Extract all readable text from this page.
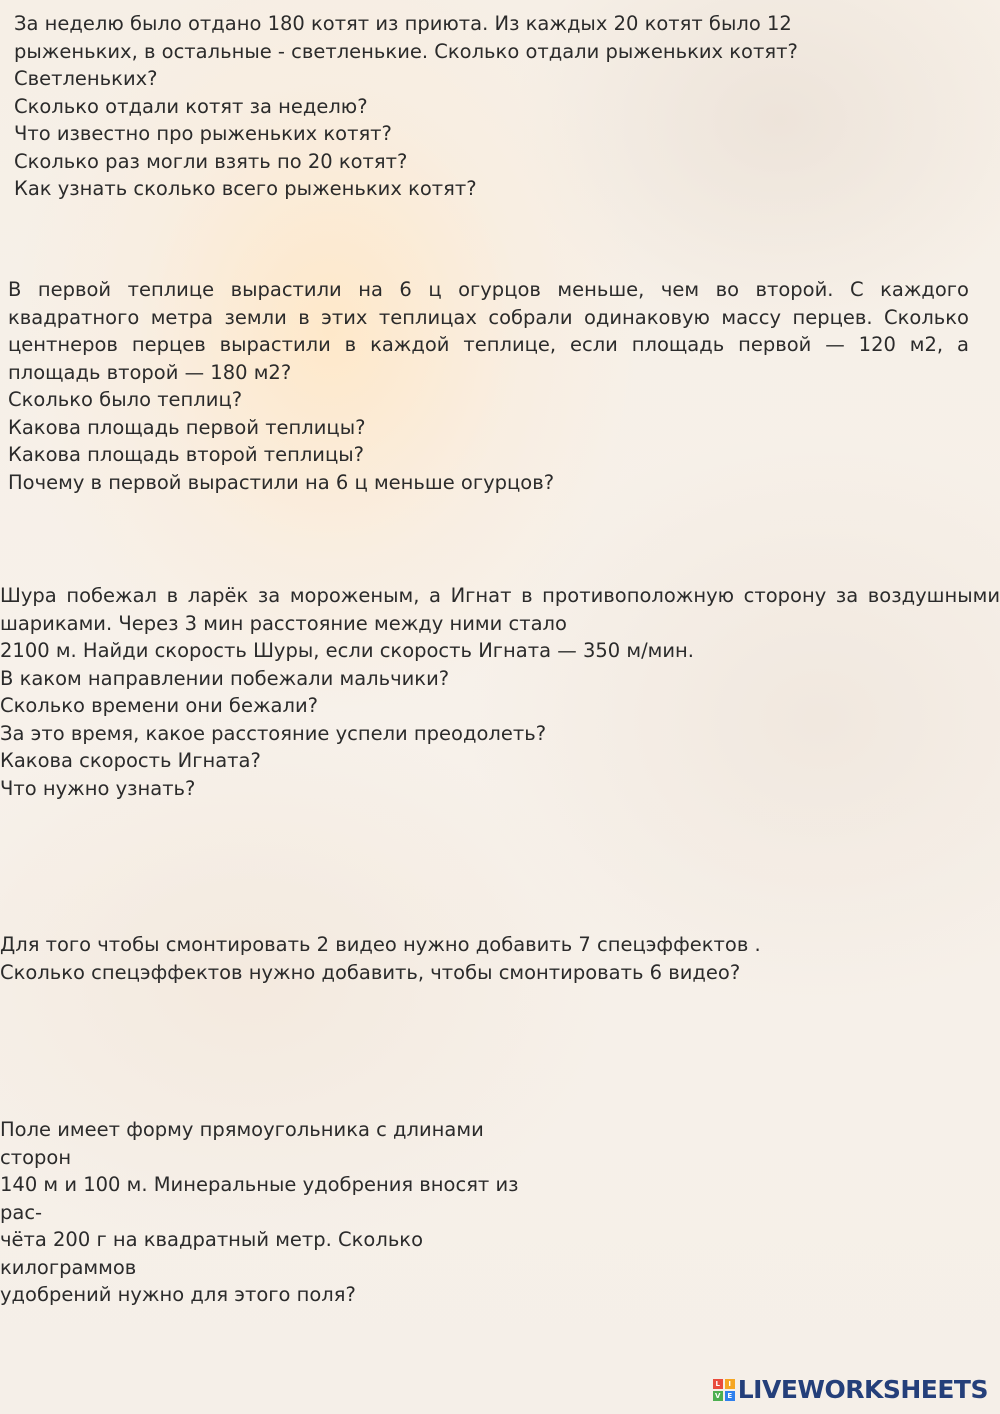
За неделю было отдано 180 котят из приюта. Из каждых 20 котят было 12 рыженьких, в остальные - светленькие. Сколько отдали рыженьких котят? Светленьких?

Сколько отдали котят за неделю?
Что известно про рыженьких котят?
Сколько раз могли взять по 20 котят?
Как узнать сколько всего рыженьких котят?

В первой теплице вырастили на 6 ц огурцов меньше, чем во второй. С каждого квадратного метра земли в этих теплицах собрали одинаковую массу перцев. Сколько центнеров перцев вырастили в каждой теплице, если площадь первой — 120 м2, а площадь второй — 180 м2?

Сколько было теплиц?
Какова площадь первой теплицы?
Какова площадь второй теплицы?
Почему в первой вырастили на 6 ц меньше огурцов?

Шура побежал в ларёк за мороженым, а Игнат в противоположную сторону за воздушными шариками. Через 3 мин расстояние между ними стало

2100 м. Найди скорость Шуры, если скорость Игната — 350 м/мин.
В каком направлении побежали мальчики?
Сколько времени они бежали?
За это время, какое расстояние успели преодолеть?
Какова скорость Игната?
Что нужно узнать?

Для того чтобы смонтировать 2 видео нужно добавить 7 спецэффектов . Сколько спецэффектов нужно добавить, чтобы смонтировать 6 видео?

Поле имеет форму прямоугольника с длинами сторон
140 м и 100 м. Минеральные удобрения вносят из рас-
чёта 200 г на квадратный метр. Сколько килограммов
удобрений нужно для этого поля?
L	I
V E LIVEWORKSHEETS
